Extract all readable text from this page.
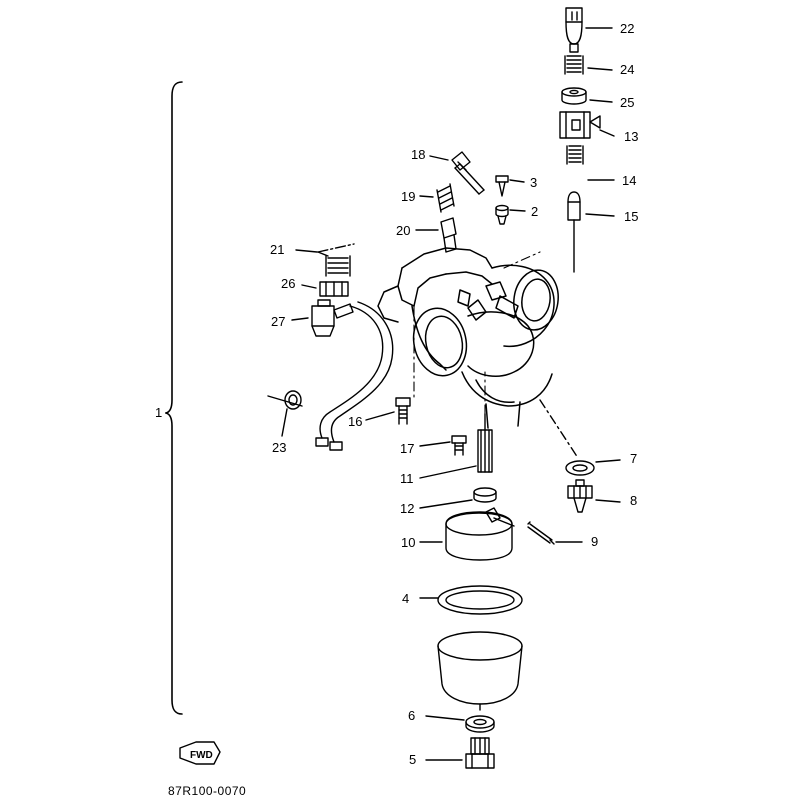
FWD
1
22
24
25
13
14
15
18
3
19
2
20
21
26
27
16
23	17
11
12
7
8
10	9
4
6
5
87R100-0070
